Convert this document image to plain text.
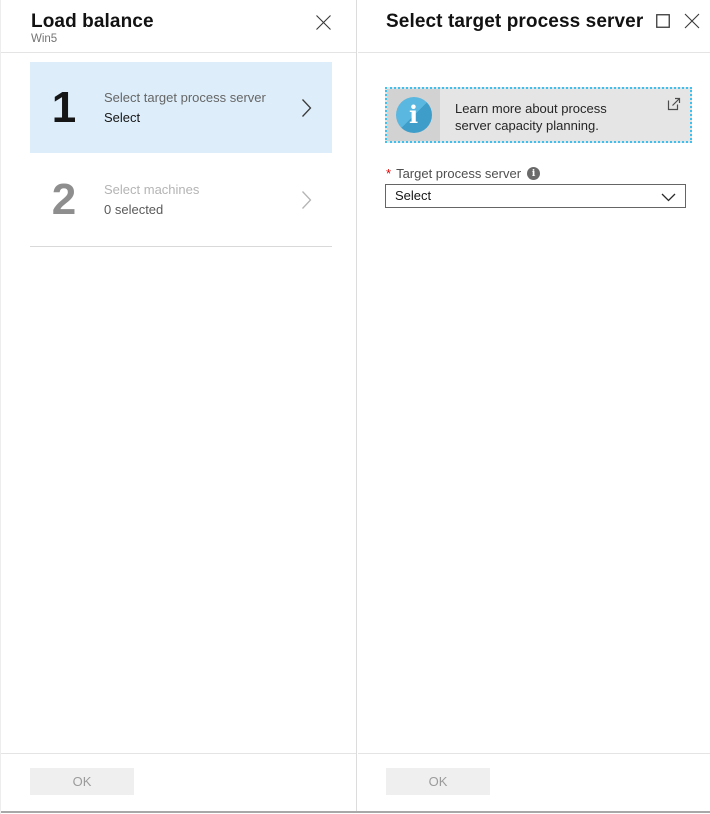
Load balance
Win5
1	Select target process server
Select
2	Select machines
0 selected
OK
Select target process server
i	Learn more about process server capacity planning.
* Target process server	i
Select
OK
